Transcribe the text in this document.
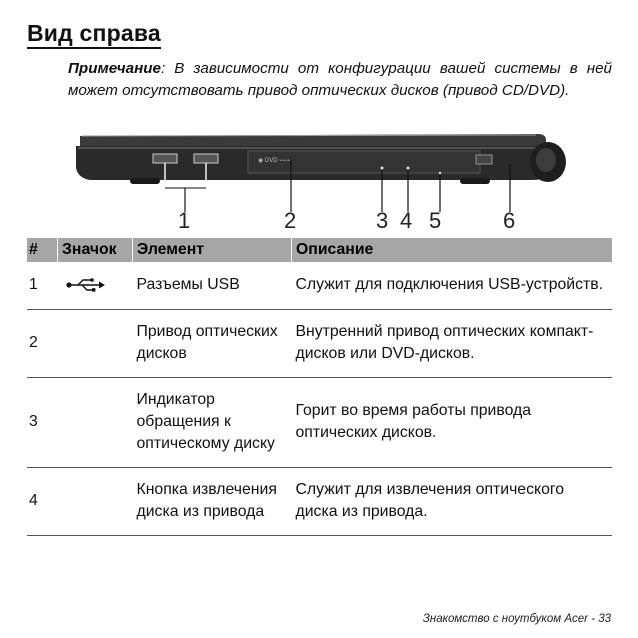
Вид справа
Примечание: В зависимости от конфигурации вашей системы в ней может отсутствовать привод оптических дисков (привод CD/DVD).
◉ DVD ⌁⌁⌁
1	2	3 4 5	6
#	Значок	Элемент	Описание
1		Разъемы USB	Служит для подключения USB-устройств.
2		Привод оптических дисков	Внутренний привод оптических компакт-дисков или DVD-дисков.
3		Индикатор обращения к оптическому диску	Горит во время работы привода оптических дисков.
4		Кнопка извлечения диска из привода	Служит для извлечения оптического диска из привода.
Знакомство с ноутбуком Acer - 33
